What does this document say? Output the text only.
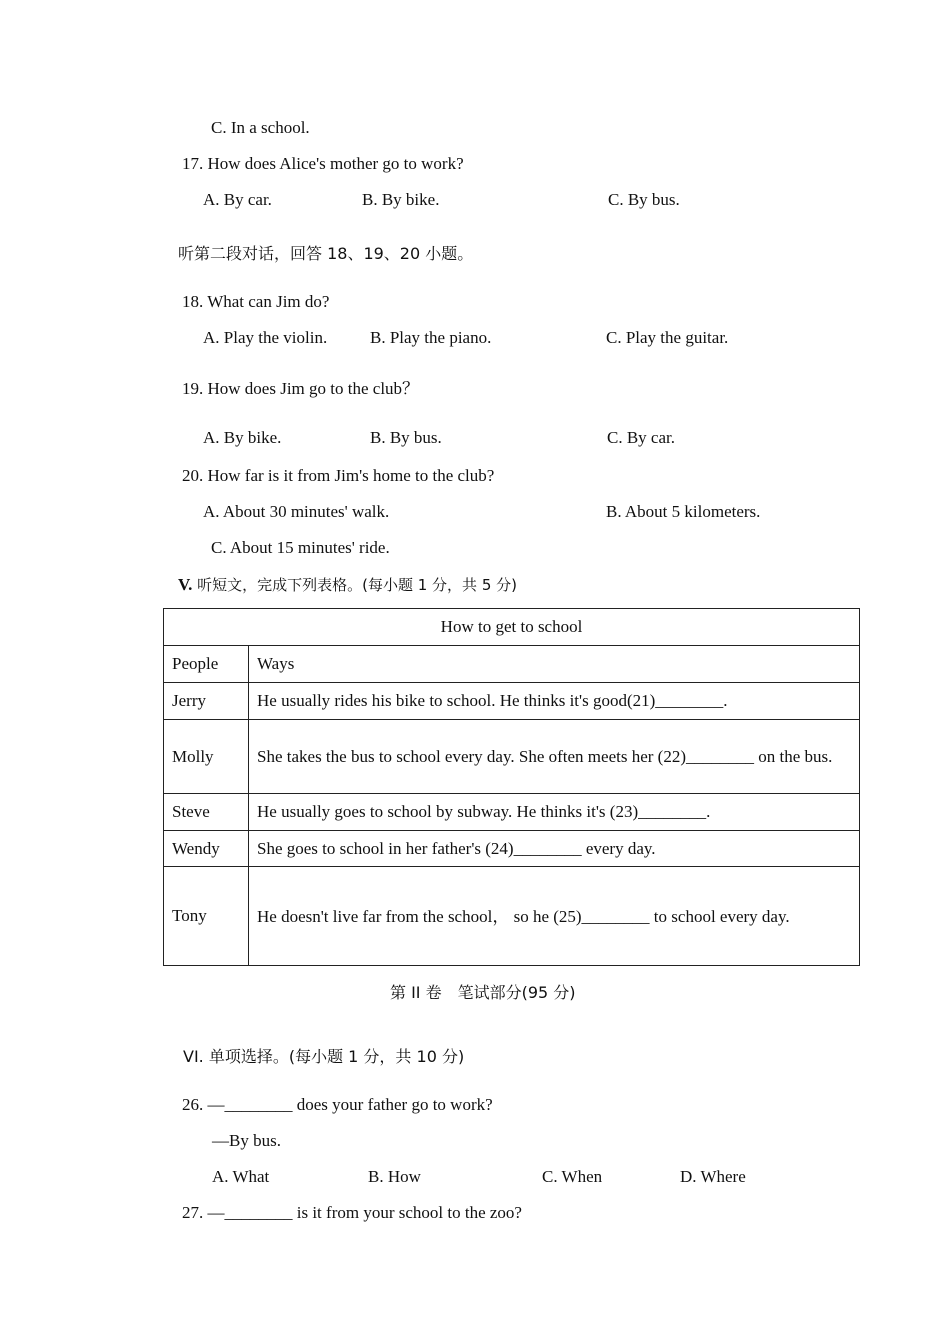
C. In a school.
17. How does Alice's mother go to work?
A. By car.	B. By bike.	C. By bus.
听第二段对话，回答 18、19、20 小题。
18. What can Jim do?
A. Play the violin.	B. Play the piano.	C. Play the guitar.
19. How does Jim go to the club？
A. By bike.	B. By bus.	C. By car.
20. How far is it from Jim's home to the club?
A. About 30 minutes' walk.	B. About 5 kilometers.
C. About 15 minutes' ride.
V. 听短文，完成下列表格。(每小题 1 分，共 5 分)
How to get to school	
People	Ways
Jerry	He usually rides his bike to school. He thinks it's good(21)________.
Molly	She takes the bus to school every day. She often meets her (22)________ on the bus.
Steve	He usually goes to school by subway. He thinks it's (23)________.
Wendy	She goes to school in her father's (24)________ every day.
Tony	He doesn't live far from the school， so he (25)________ to school every day.
第 II 卷　笔试部分(95 分)
VI. 单项选择。(每小题 1 分，共 10 分)
26. —________ does your father go to work?
—By bus.
A. What	B. How	C. When	D. Where
27. —________ is it from your school to the zoo?
